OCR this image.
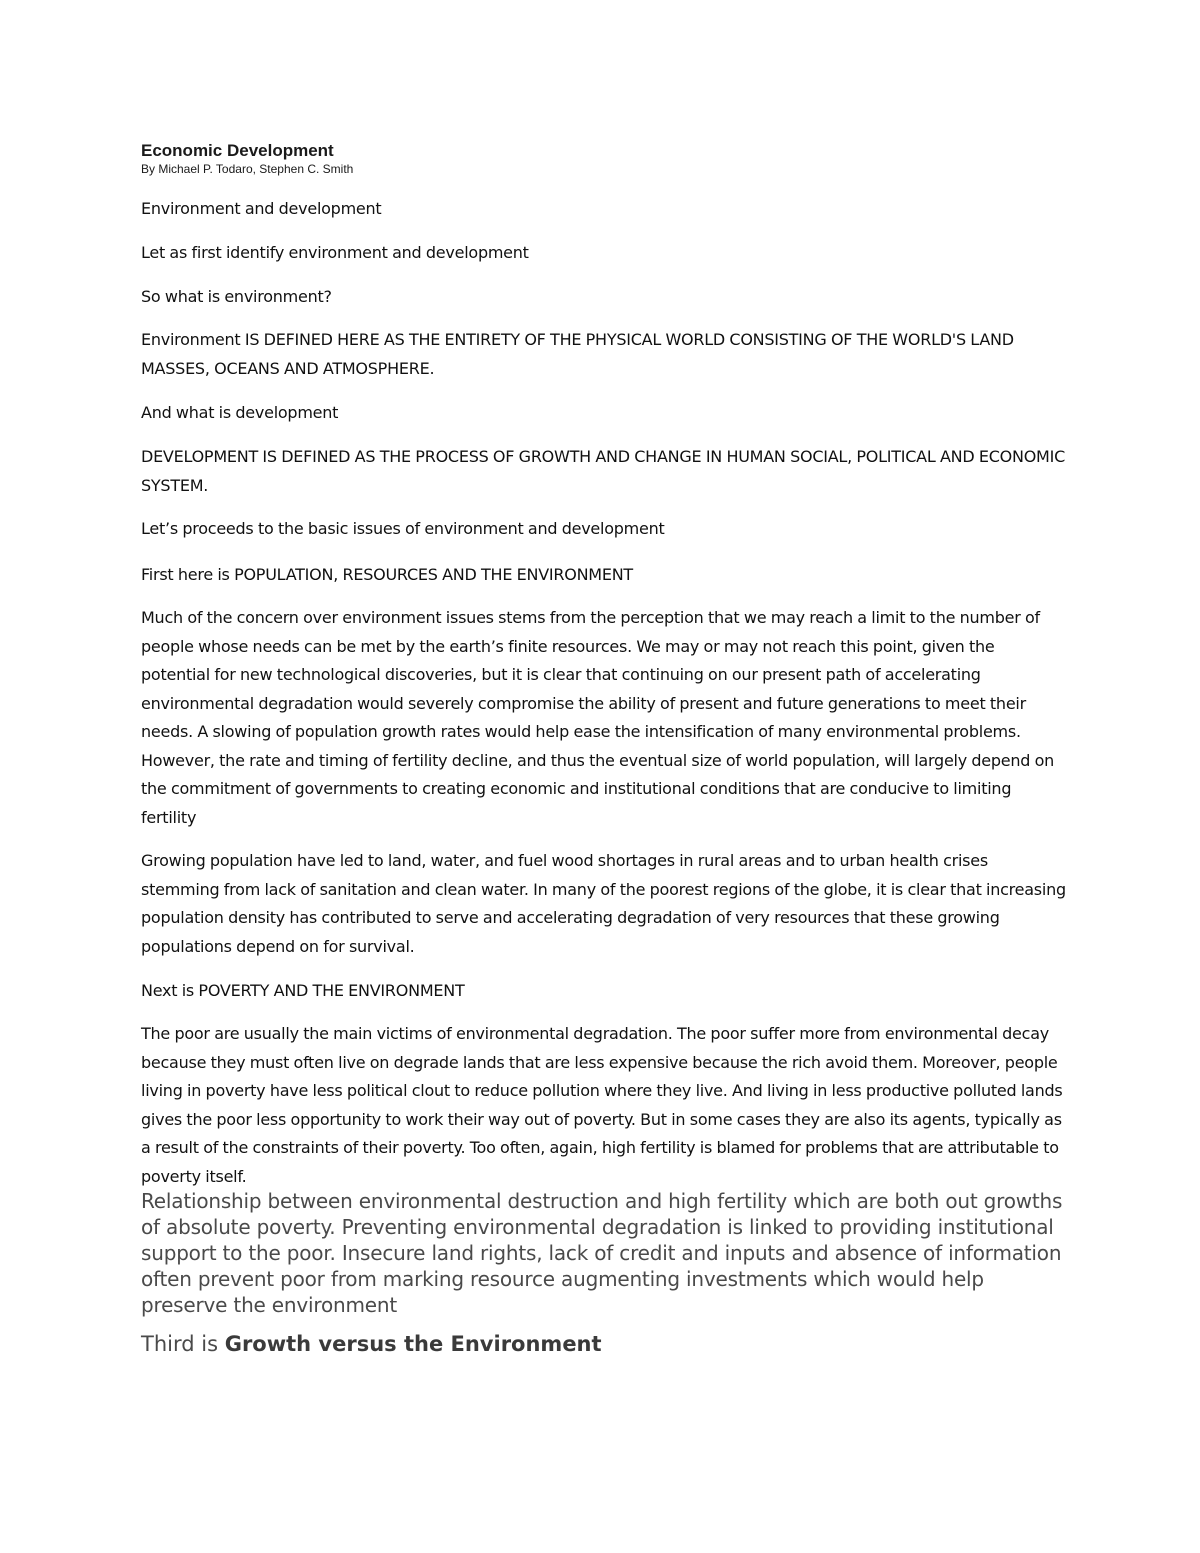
Economic Development
By Michael P. Todaro, Stephen C. Smith

Environment and development

Let as first identify environment and development

So what is environment?

Environment IS DEFINED HERE AS THE ENTIRETY OF THE PHYSICAL WORLD CONSISTING OF THE WORLD'S LAND MASSES, OCEANS AND ATMOSPHERE.

And what is development

DEVELOPMENT IS DEFINED AS THE PROCESS OF GROWTH AND CHANGE IN HUMAN SOCIAL, POLITICAL AND ECONOMIC SYSTEM.

Let’s proceeds to the basic issues of environment and development

First here is POPULATION, RESOURCES AND THE ENVIRONMENT

Much of the concern over environment issues stems from the perception that we may reach a limit to the number of people whose needs can be met by the earth’s finite resources. We may or may not reach this point, given the potential for new technological discoveries, but it is clear that continuing on our present path of accelerating environmental degradation would severely compromise the ability of present and future generations to meet their needs. A slowing of population growth rates would help ease the intensification of many environmental problems. However, the rate and timing of fertility decline, and thus the eventual size of world population, will largely depend on the commitment of governments to creating economic and institutional conditions that are conducive to limiting fertility

Growing population have led to land, water, and fuel wood shortages in rural areas and to urban health crises stemming from lack of sanitation and clean water. In many of the poorest regions of the globe, it is clear that increasing population density has contributed to serve and accelerating degradation of very resources that these growing populations depend on for survival.

Next is POVERTY AND THE ENVIRONMENT

The poor are usually the main victims of environmental degradation. The poor suffer more from environmental decay because they must often live on degrade lands that are less expensive because the rich avoid them. Moreover, people living in poverty have less political clout to reduce pollution where they live. And living in less productive polluted lands gives the poor less opportunity to work their way out of poverty. But in some cases they are also its agents, typically as a result of the constraints of their poverty. Too often, again, high fertility is blamed for problems that are attributable to poverty itself.

Relationship between environmental destruction and high fertility which are both out growths of absolute poverty. Preventing environmental degradation is linked to providing institutional support to the poor. Insecure land rights, lack of credit and inputs and absence of information often prevent poor from marking resource augmenting investments which would help preserve the environment

Third is Growth versus the Environment
